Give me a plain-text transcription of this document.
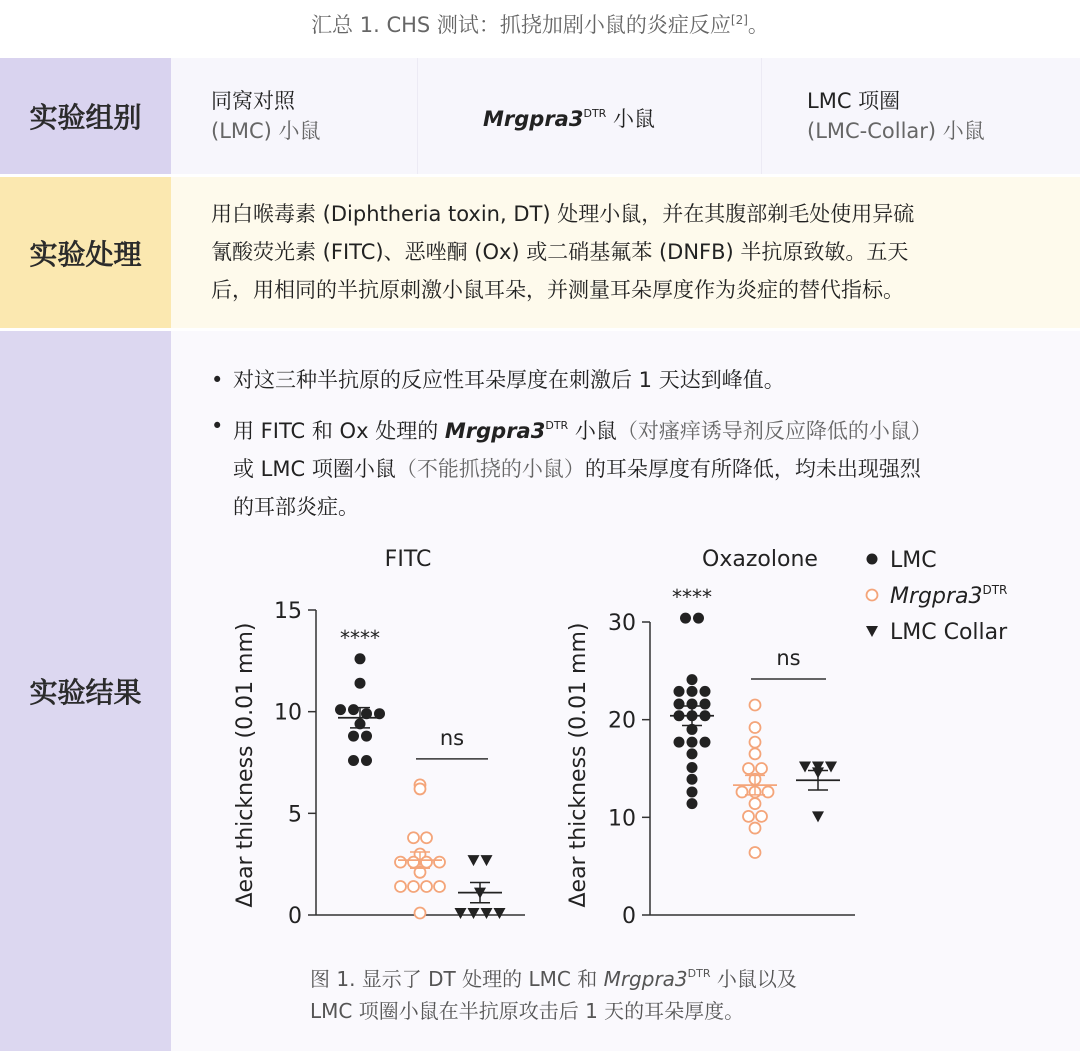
汇总 1. CHS 测试：抓挠加剧小鼠的炎症反应[2]。
实验组别	同窝对照
(LMC) 小鼠
$Mrgpra3^{DTR}$ 小鼠
LMC 项圈
(LMC-Collar) 小鼠
实验处理
用白喉毒素 (Diphtheria toxin, DT) 处理小鼠，并在其腹部剃毛处使用异硫
氰酸荧光素 (FITC)、恶唑酮 (Ox) 或二硝基氟苯 (DNFB) 半抗原致敏。五天
后，用相同的半抗原刺激小鼠耳朵，并测量耳朵厚度作为炎症的替代指标。
实验结果
• 对这三种半抗原的反应性耳朵厚度在刺激后 1 天达到峰值。
• 用 FITC 和 Ox 处理的 $Mrgpra3^{DTR}$ 小鼠（对瘙痒诱导剂反应降低的小鼠）
或 LMC 项圈小鼠（不能抓挠的小鼠）的耳朵厚度有所降低，均未出现强烈
的耳部炎症。
FITC
0
5
10
15
Δear thickness (0.01 mm)	****
ns
Oxazolone
0
10
20
30
Δear thickness (0.01 mm)
****
ns
LMC
$Mrgpra3^{DTR}$
LMC Collar
图 1. 显示了 DT 处理的 LMC 和 $Mrgpra3^{DTR}$ 小鼠以及
LMC 项圈小鼠在半抗原攻击后 1 天的耳朵厚度。
